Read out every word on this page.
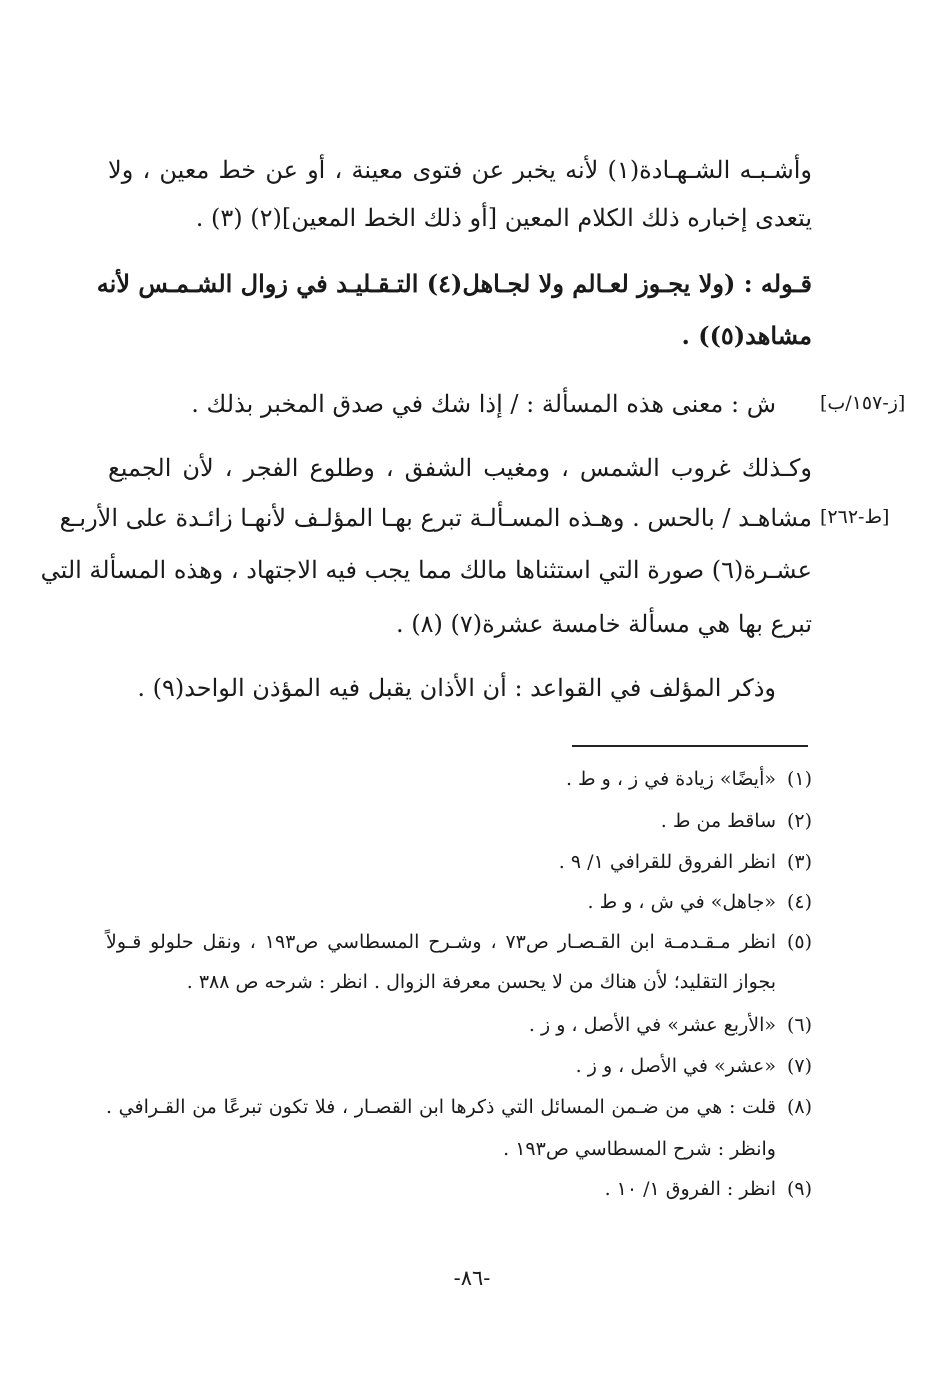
وأشـبـه الشـهـادة(١) لأنه يخبر عن فتوى معينة ، أو عن خط معين ، ولا
يتعدى إخباره ذلك الكلام المعين [أو ذلك الخط المعين](٢) (٣) .
قـوله : (ولا يجـوز لعـالم ولا لجـاهل(٤) التـقـليـد في زوال الشـمـس لأنه
مشاهد(٥)) .
[ز-١٥٧/ب]
ش : معنى هذه المسألة : / إذا شك في صدق المخبر بذلك .
وكـذلك غروب الشمس ، ومغيب الشفق ، وطلوع الفجر ، لأن الجميع
[ط-٢٦٢]
مشاهـد / بالحس . وهـذه المسـألـة تبرع بهـا المؤلـف لأنهـا زائـدة على الأربـع
عشـرة(٦) صورة التي استثناها مالك مما يجب فيه الاجتهاد ، وهذه المسألة التي
تبرع بها هي مسألة خامسة عشرة(٧) (٨) .
وذكر المؤلف في القواعد : أن الأذان يقبل فيه المؤذن الواحد(٩) .
(١)«أيضًا» زيادة في ز ، و ط .
(٢)ساقط من ط .
(٣)انظر الفروق للقرافي ١/ ٩ .
(٤)«جاهل» في ش ، و ط .
(٥)انظر مـقـدمـة ابن القـصـار ص٧٣ ، وشـرح المسطاسي ص١٩٣ ، ونقل حلولو قـولاً
بجواز التقليد؛ لأن هناك من لا يحسن معرفة الزوال . انظر : شرحه ص ٣٨٨ .
(٦)«الأربع عشر» في الأصل ، و ز .
(٧)«عشر» في الأصل ، و ز .
(٨)قلت : هي من ضـمن المسائل التي ذكرها ابن القصـار ، فلا تكون تبرعًا من القـرافي .
وانظر : شرح المسطاسي ص١٩٣ .
(٩)انظر : الفروق ١/ ١٠ .
-٨٦-
